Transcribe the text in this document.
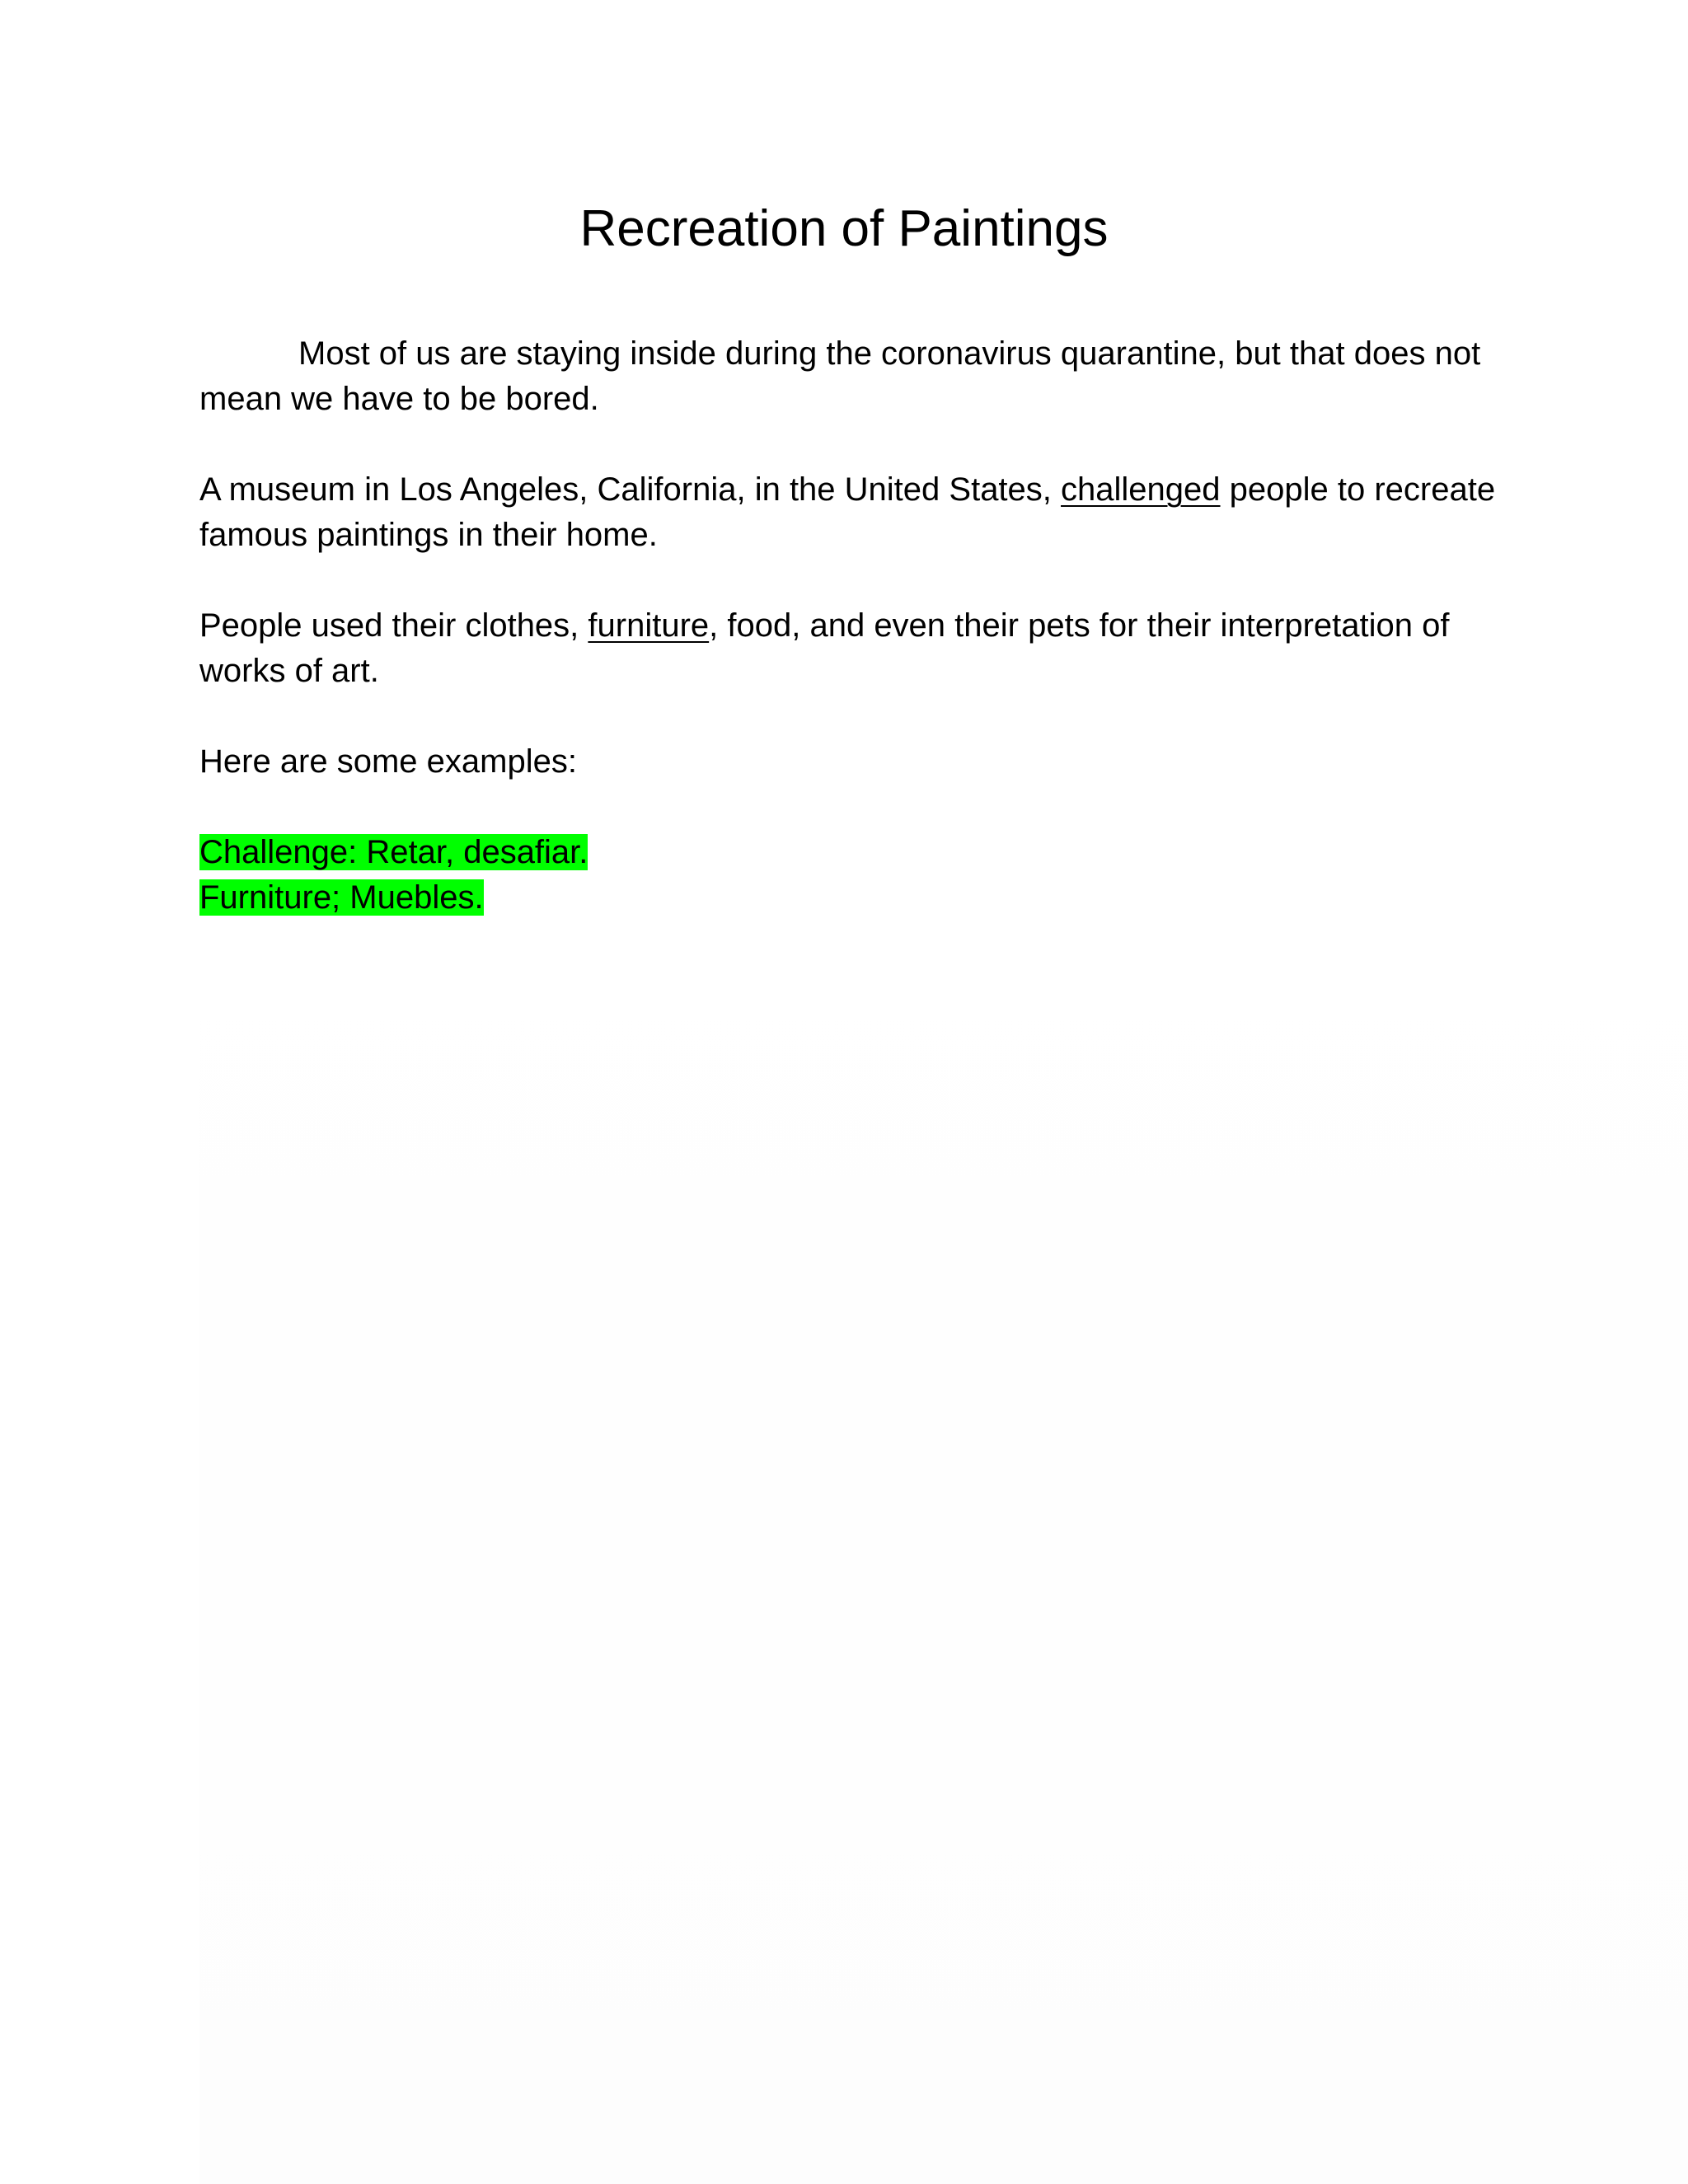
Recreation of Paintings

Most of us are staying inside during the coronavirus quarantine, but that does not mean we have to be bored.

A museum in Los Angeles, California, in the United States, challenged people to recreate famous paintings in their home.

People used their clothes, furniture, food, and even their pets for their interpretation of works of art.

Here are some examples:

Challenge: Retar, desafiar.

Furniture; Muebles.
